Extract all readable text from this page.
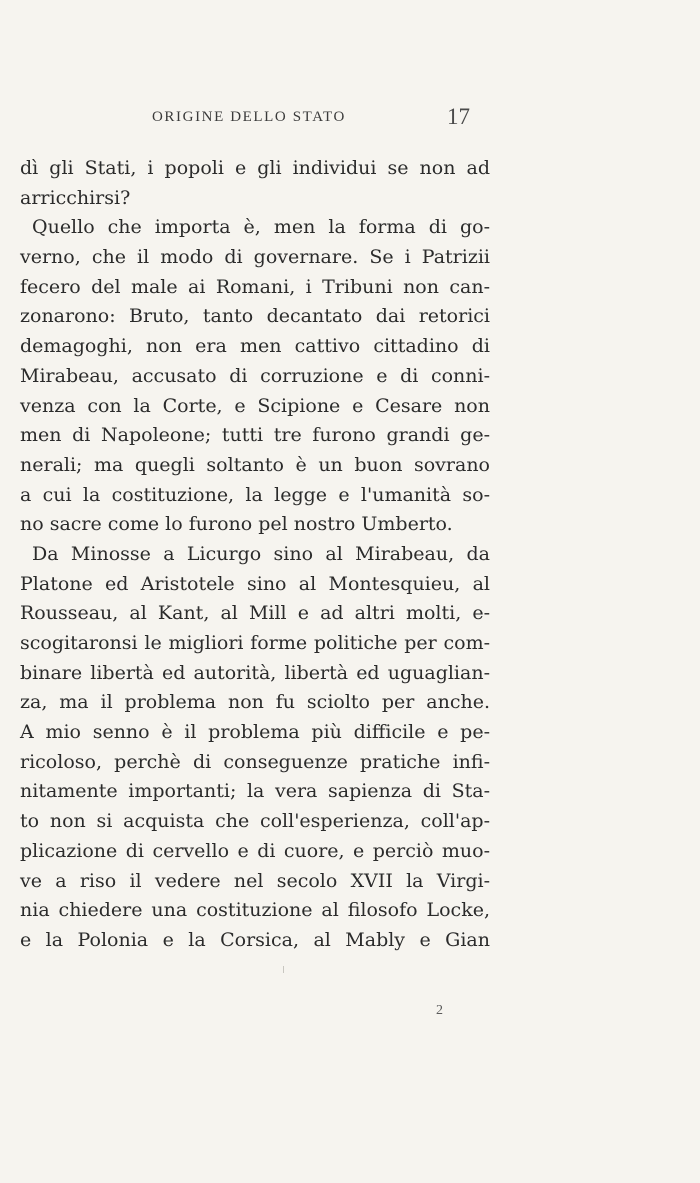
ORIGINE DELLO STATO	17
dì gli Stati, i popoli e gli individui se non ad
arricchirsi?
Quello che importa è, men la forma di go-
verno, che il modo di governare. Se i Patrizii
fecero del male ai Romani, i Tribuni non can-
zonarono: Bruto, tanto decantato dai retorici
demagoghi, non era men cattivo cittadino di
Mirabeau, accusato di corruzione e di conni-
venza con la Corte, e Scipione e Cesare non
men di Napoleone; tutti tre furono grandi ge-
nerali; ma quegli soltanto è un buon sovrano
a cui la costituzione, la legge e l'umanità so-
no sacre come lo furono pel nostro Umberto.
Da Minosse a Licurgo sino al Mirabeau, da
Platone ed Aristotele sino al Montesquieu, al
Rousseau, al Kant, al Mill e ad altri molti, e-
scogitaronsi le migliori forme politiche per com-
binare libertà ed autorità, libertà ed uguaglian-
za, ma il problema non fu sciolto per anche.
A mio senno è il problema più difficile e pe-
ricoloso, perchè di conseguenze pratiche infi-
nitamente importanti; la vera sapienza di Sta-
to non si acquista che coll'esperienza, coll'ap-
plicazione di cervello e di cuore, e perciò muo-
ve a riso il vedere nel secolo XVII la Virgi-
nia chiedere una costituzione al filosofo Locke,
e la Polonia e la Corsica, al Mably e Gian
2
